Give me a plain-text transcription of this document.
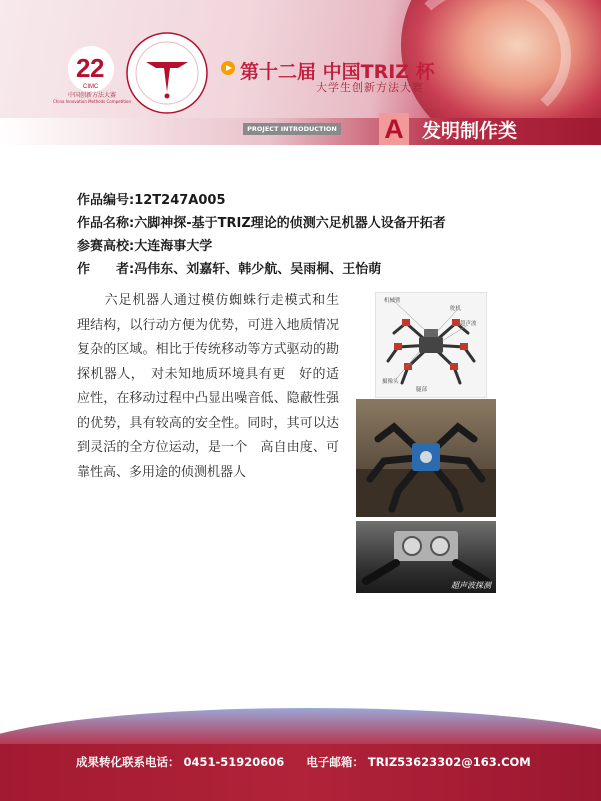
2 2
CIMC
中国创新方法大赛
China Innovation Methods Competition
第十二届 中国TRIZ 杯
大学生创新方法大赛
PROJECT INTRODUCTION A 发明制作类
作品编号:12T247A005
作品名称:六脚神探-基于TRIZ理论的侦测六足机器人设备开拓者
参赛高校:大连海事大学
作　　者:冯伟东、刘嘉轩、韩少航、吴雨桐、王怡萌
　　六足机器人通过模仿蜘蛛行走模式和生　理结构，以行动方便为优势，可进入地质情况复杂的区域。相比于传统移动等方式驱动的勘探机器人，　对未知地质环境具有更　好的适应性，在移动过程中凸显出噪音低、隐蔽性强的优势，具有较高的安全性。同时，其可以达到灵活的全方位运动，是一个　高自由度、可靠性高、多用途的侦测机器人
机械臂
舵机
超声波
摄像头
腿部
超声波探测
成果转化联系电话： 0451-51920606 电子邮箱： TRIZ53623302@163.COM
